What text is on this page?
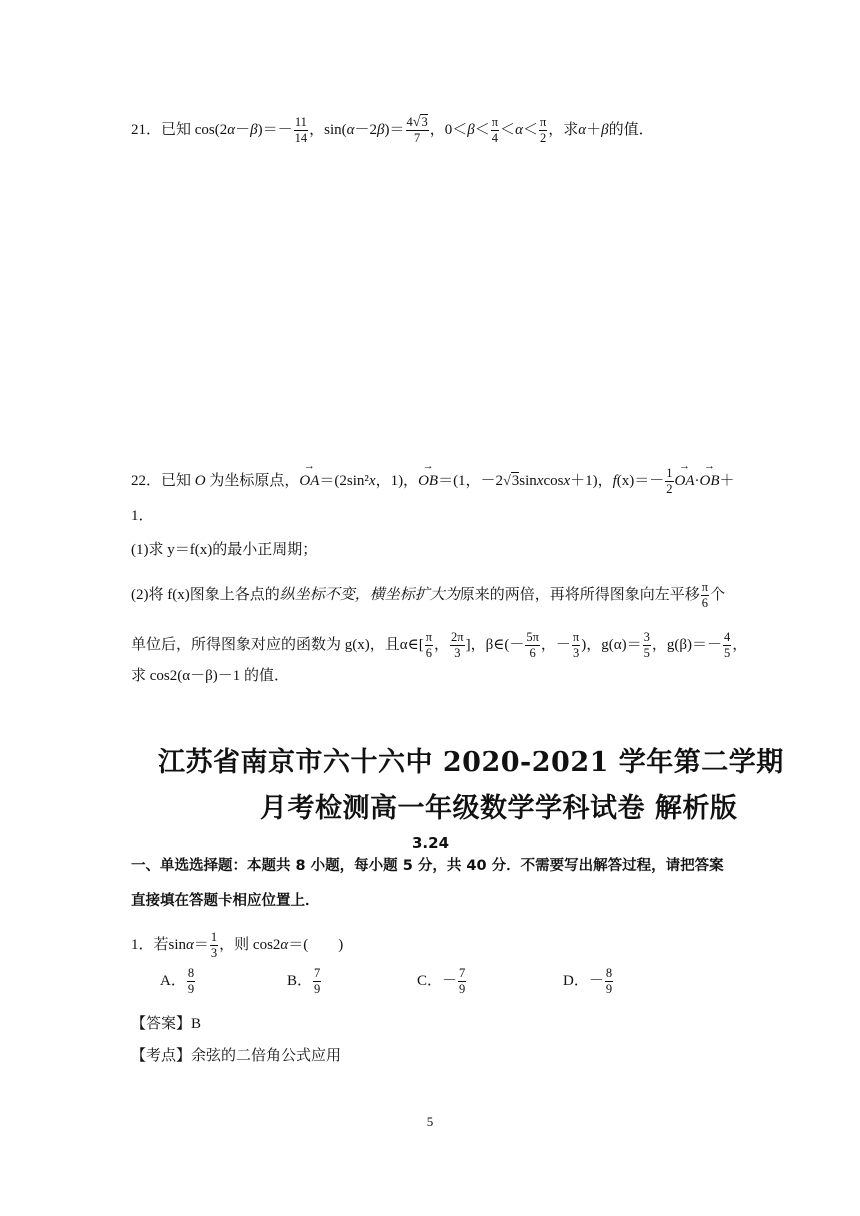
21．已知 $\cos(2\alpha-\beta)=- \frac{11}{14}$ ，$\sin(\alpha-2\beta)= \frac{4√3}{7}$ ，$0<\beta< \frac{\pi}{4} <\alpha< \frac{\pi}{2}$ ，求α＋β的值．
22．已知 O 为坐标原点，→ OA＝(2sin²x，1)，→ OB＝(1，－2√3sinxcosx＋1)，$f(x)=- \frac{1}{2}$
→ OA·→ OB＋
1．
(1)求 y＝f(x)的最小正周期；
(2)将 f(x)图象上各点的纵坐标不变，横坐标扩大为原来的两倍，再将所得图象向左平移 $\frac{\pi}{6}$ 个
单位后，所得图象对应的函数为 g(x)，且α∈[ $\frac{\pi}{6}$ ， $\frac{2\pi}{3}$ ]，β∈(－ $\frac{5\pi}{6}$ ，－ $\frac{\pi}{3}$ )，$g(\alpha)= \frac{3}{5}$ ，$g(\beta)=- \frac{4}{5}$ ，
求 cos2(α－β)－1 的值．
江苏省南京市六十六中 2020-2021 学年第二学期
月考检测高一年级数学学科试卷 解析版
3.24
一、单选选择题：本题共 8 小题，每小题 5 分，共 40 分．不需要写出解答过程，请把答案
直接填在答题卡相应位置上．
1．若$\sin\alpha= \frac{1}{3}$ ，则 cos2α＝(　　)
A． $\frac{8}{9}$	B． $\frac{7}{9}$	C．－ $\frac{7}{9}$	D．－ $\frac{8}{9}$
【答案】B
【考点】余弦的二倍角公式应用
5
